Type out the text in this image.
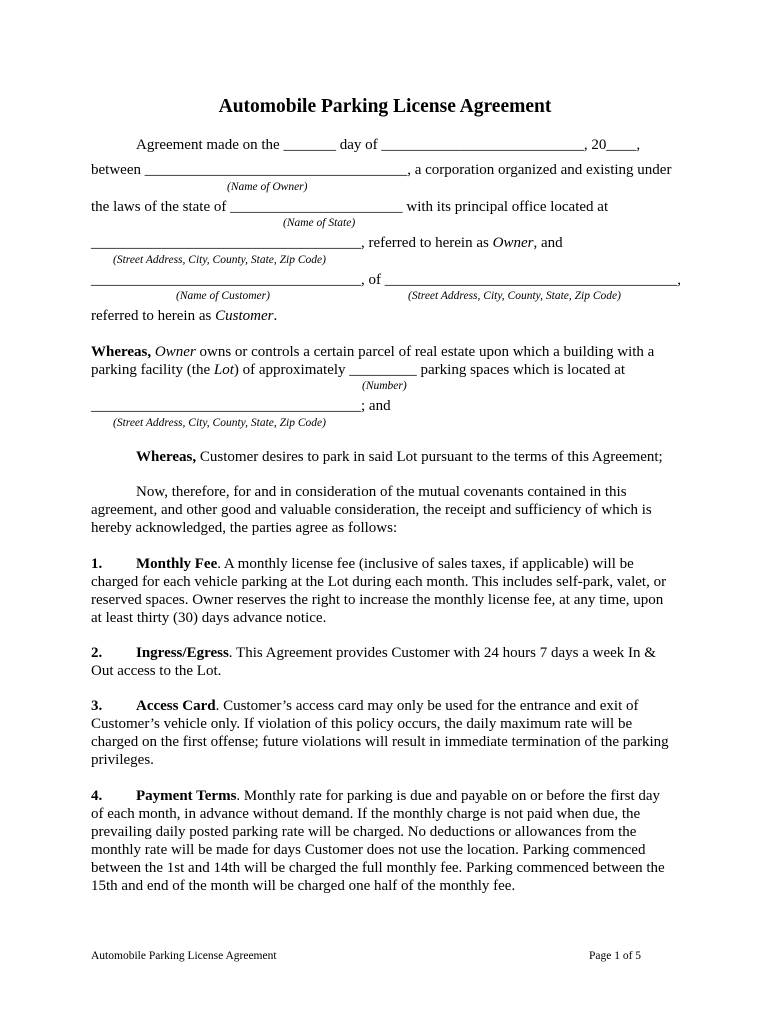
Automobile Parking License Agreement
Agreement made on the _______ day of ___________________________, 20____,
between ___________________________________, a corporation organized and existing under
(Name of Owner)
the laws of the state of _______________________ with its principal office located at
(Name of State)
____________________________________, referred to herein as Owner, and
(Street Address, City, County, State, Zip Code)
____________________________________, of _______________________________________,
(Name of Customer)	(Street Address, City, County, State, Zip Code)
referred to herein as Customer.
Whereas, Owner owns or controls a certain parcel of real estate upon which a building with a
parking facility (the Lot) of approximately _________ parking spaces which is located at
(Number)
____________________________________; and
(Street Address, City, County, State, Zip Code)
Whereas, Customer desires to park in said Lot pursuant to the terms of this Agreement;
Now, therefore, for and in consideration of the mutual covenants contained in this
agreement, and other good and valuable consideration, the receipt and sufficiency of which is
hereby acknowledged, the parties agree as follows:
1. Monthly Fee. A monthly license fee (inclusive of sales taxes, if applicable) will be
charged for each vehicle parking at the Lot during each month. This includes self-park, valet, or
reserved spaces. Owner reserves the right to increase the monthly license fee, at any time, upon
at least thirty (30) days advance notice.
2. Ingress/Egress. This Agreement provides Customer with 24 hours 7 days a week In &
Out access to the Lot.
3. Access Card. Customer’s access card may only be used for the entrance and exit of
Customer’s vehicle only. If violation of this policy occurs, the daily maximum rate will be
charged on the first offense; future violations will result in immediate termination of the parking
privileges.
4. Payment Terms. Monthly rate for parking is due and payable on or before the first day
of each month, in advance without demand. If the monthly charge is not paid when due, the
prevailing daily posted parking rate will be charged. No deductions or allowances from the
monthly rate will be made for days Customer does not use the location. Parking commenced
between the 1st and 14th will be charged the full monthly fee. Parking commenced between the
15th and end of the month will be charged one half of the monthly fee.
Automobile Parking License Agreement	Page 1 of 5
